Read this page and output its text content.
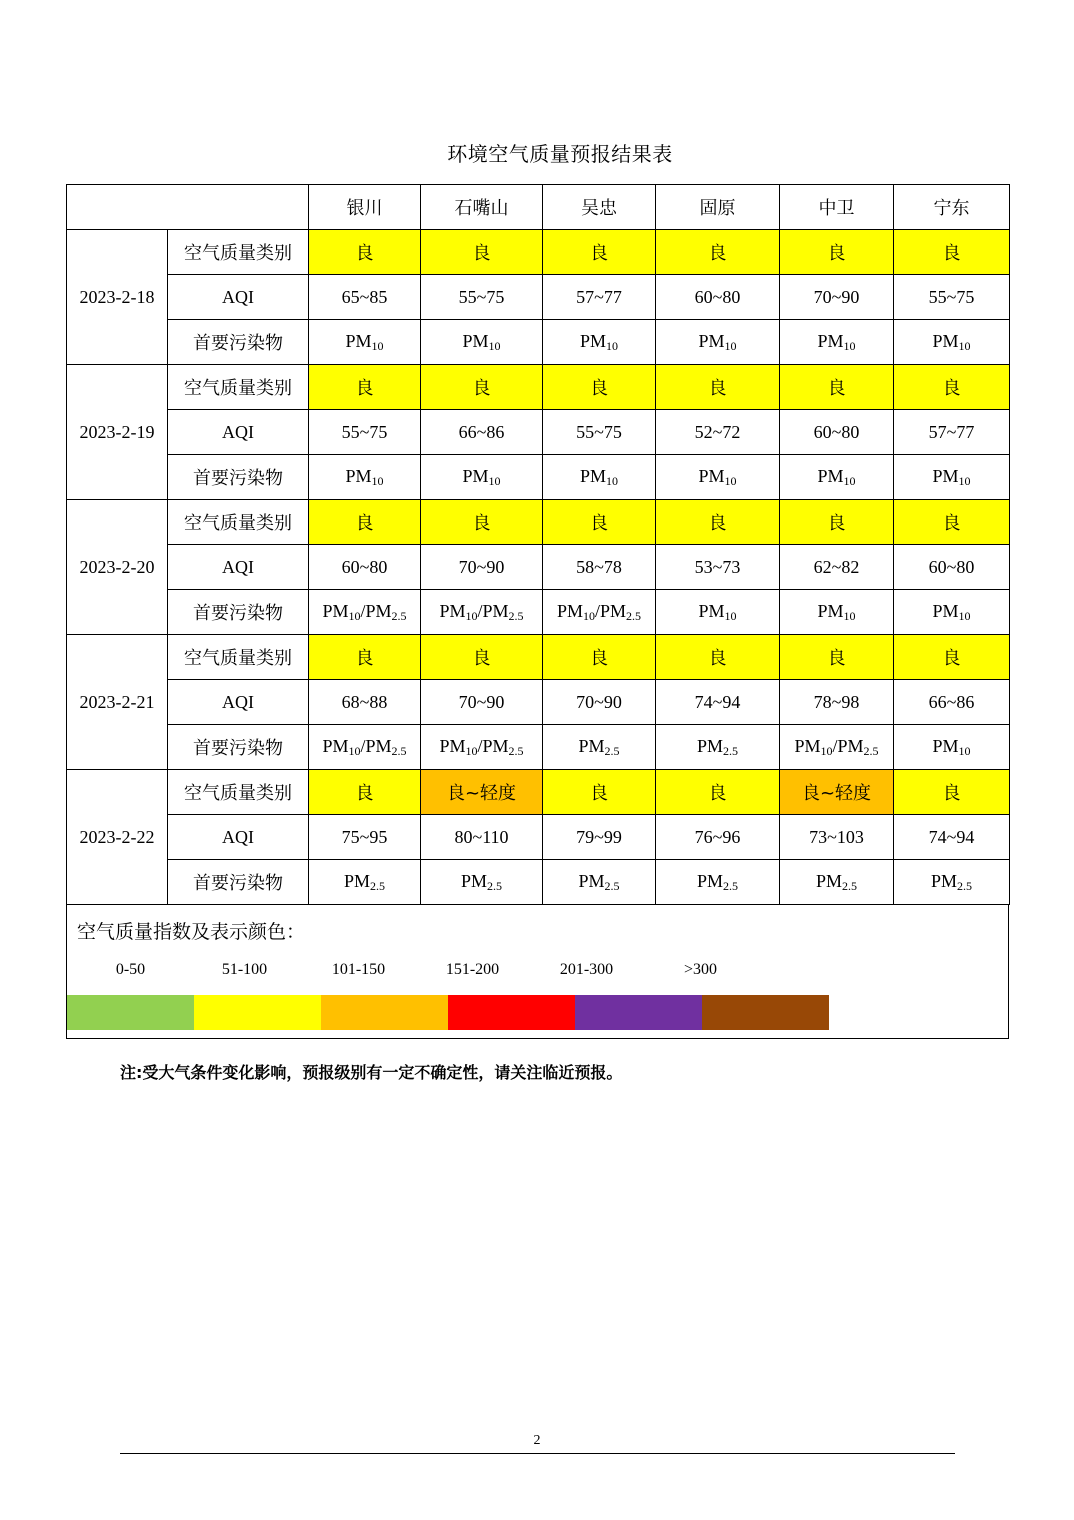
环境空气质量预报结果表
		银川	石嘴山	吴忠	固原	中卫	宁东
2023-2-18	空气质量类别	良	良	良	良	良	良
	AQI	65~85	55~75	57~77	60~80	70~90	55~75
	首要污染物	$PM_{10}$	$PM_{10}$	$PM_{10}$	$PM_{10}$	$PM_{10}$	$PM_{10}$
2023-2-19	空气质量类别	良	良	良	良	良	良
	AQI	55~75	66~86	55~75	52~72	60~80	57~77
	首要污染物	$PM_{10}$	$PM_{10}$	$PM_{10}$	$PM_{10}$	$PM_{10}$	$PM_{10}$
2023-2-20	空气质量类别	良	良	良	良	良	良
	AQI	60~80	70~90	58~78	53~73	62~82	60~80
	首要污染物	$PM_{10}/PM_{2.5}$	$PM_{10}/PM_{2.5}$	$PM_{10}/PM_{2.5}$	$PM_{10}$	$PM_{10}$	$PM_{10}$
2023-2-21	空气质量类别	良	良	良	良	良	良
	AQI	68~88	70~90	70~90	74~94	78~98	66~86
	首要污染物	$PM_{10}/PM_{2.5}$	$PM_{10}/PM_{2.5}$	$PM_{2.5}$	$PM_{2.5}$	$PM_{10}/PM_{2.5}$	$PM_{10}$
2023-2-22	空气质量类别	良	良~轻度	良	良	良~轻度	良
	AQI	75~95	80~110	79~99	76~96	73~103	74~94
	首要污染物	$PM_{2.5}$	$PM_{2.5}$	$PM_{2.5}$	$PM_{2.5}$	$PM_{2.5}$	$PM_{2.5}$
空气质量指数及表示颜色：
0-50	51-100	101-150	151-200	201-300	>300
注:受大气条件变化影响，预报级别有一定不确定性，请关注临近预报。
2
